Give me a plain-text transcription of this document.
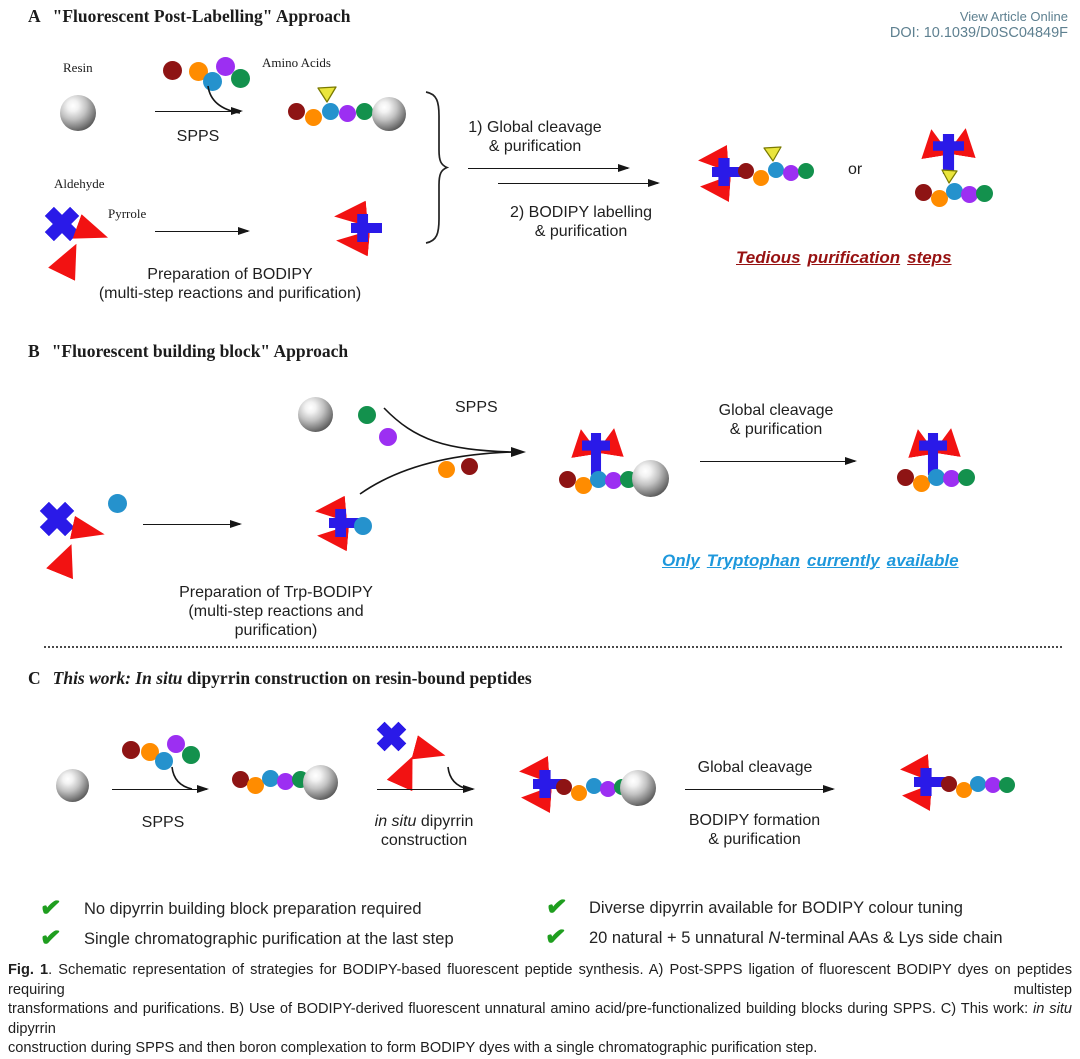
View Article Online
DOI: 10.1039/D0SC04849F
A "Fluorescent Post-Labelling" Approach
Resin	Amino Acids
SPPS
Aldehyde
Pyrrole
Preparation of BODIPY
(multi-step reactions and purification)
1) Global cleavage
& purification
2) BODIPY labelling
& purification
or
Tedious purification steps
B "Fluorescent building block" Approach
SPPS
Preparation of Trp-BODIPY
(multi-step reactions and purification)
Global cleavage
& purification
Only Tryptophan currently available
C This work: In situ dipyrrin construction on resin-bound peptides
SPPS	in situ dipyrrin
construction
Global cleavage
BODIPY formation
& purification
✔ No dipyrrin building block preparation required
✔ Single chromatographic purification at the last step
✔ Diverse dipyrrin available for BODIPY colour tuning
✔ 20 natural + 5 unnatural N-terminal AAs & Lys side chain
Fig. 1. Schematic representation of strategies for BODIPY-based fluorescent peptide synthesis. A) Post-SPPS ligation of fluorescent BODIPY dyes on peptides requiring multistep
transformations and purifications. B) Use of BODIPY-derived fluorescent unnatural amino acid/pre-functionalized building blocks during SPPS. C) This work: in situ dipyrrin
construction during SPPS and then boron complexation to form BODIPY dyes with a single chromatographic purification step.
